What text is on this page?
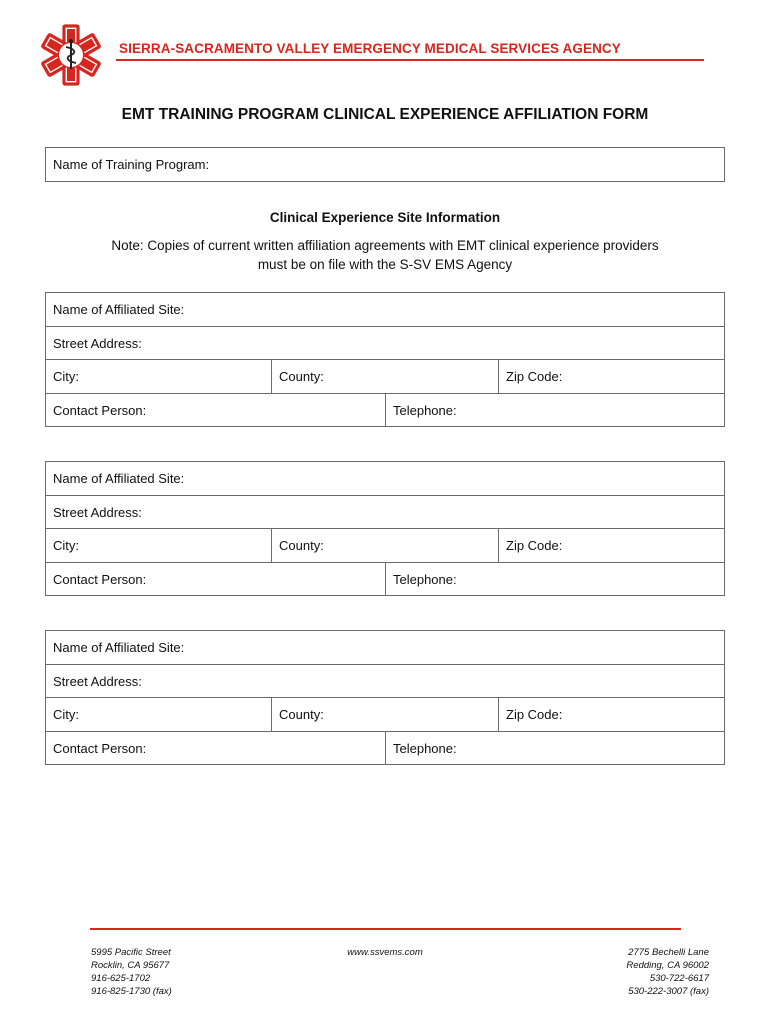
SIERRA-SACRAMENTO VALLEY EMERGENCY MEDICAL SERVICES AGENCY
EMT TRAINING PROGRAM CLINICAL EXPERIENCE AFFILIATION FORM
Name of Training Program:
Clinical Experience Site Information
Note: Copies of current written affiliation agreements with EMT clinical experience providers
must be on file with the S-SV EMS Agency
Name of Affiliated Site:
Street Address:
City:	County:	Zip Code:
Contact Person:	Telephone:
Name of Affiliated Site:
Street Address:
City:	County:	Zip Code:
Contact Person:	Telephone:
Name of Affiliated Site:
Street Address:
City:	County:	Zip Code:
Contact Person:	Telephone:
5995 Pacific Street
Rocklin, CA 95677
916-625-1702
916-825-1730 (fax)
www.ssvems.com	2775 Bechelli Lane
Redding, CA 96002
530-722-6617
530-222-3007 (fax)
